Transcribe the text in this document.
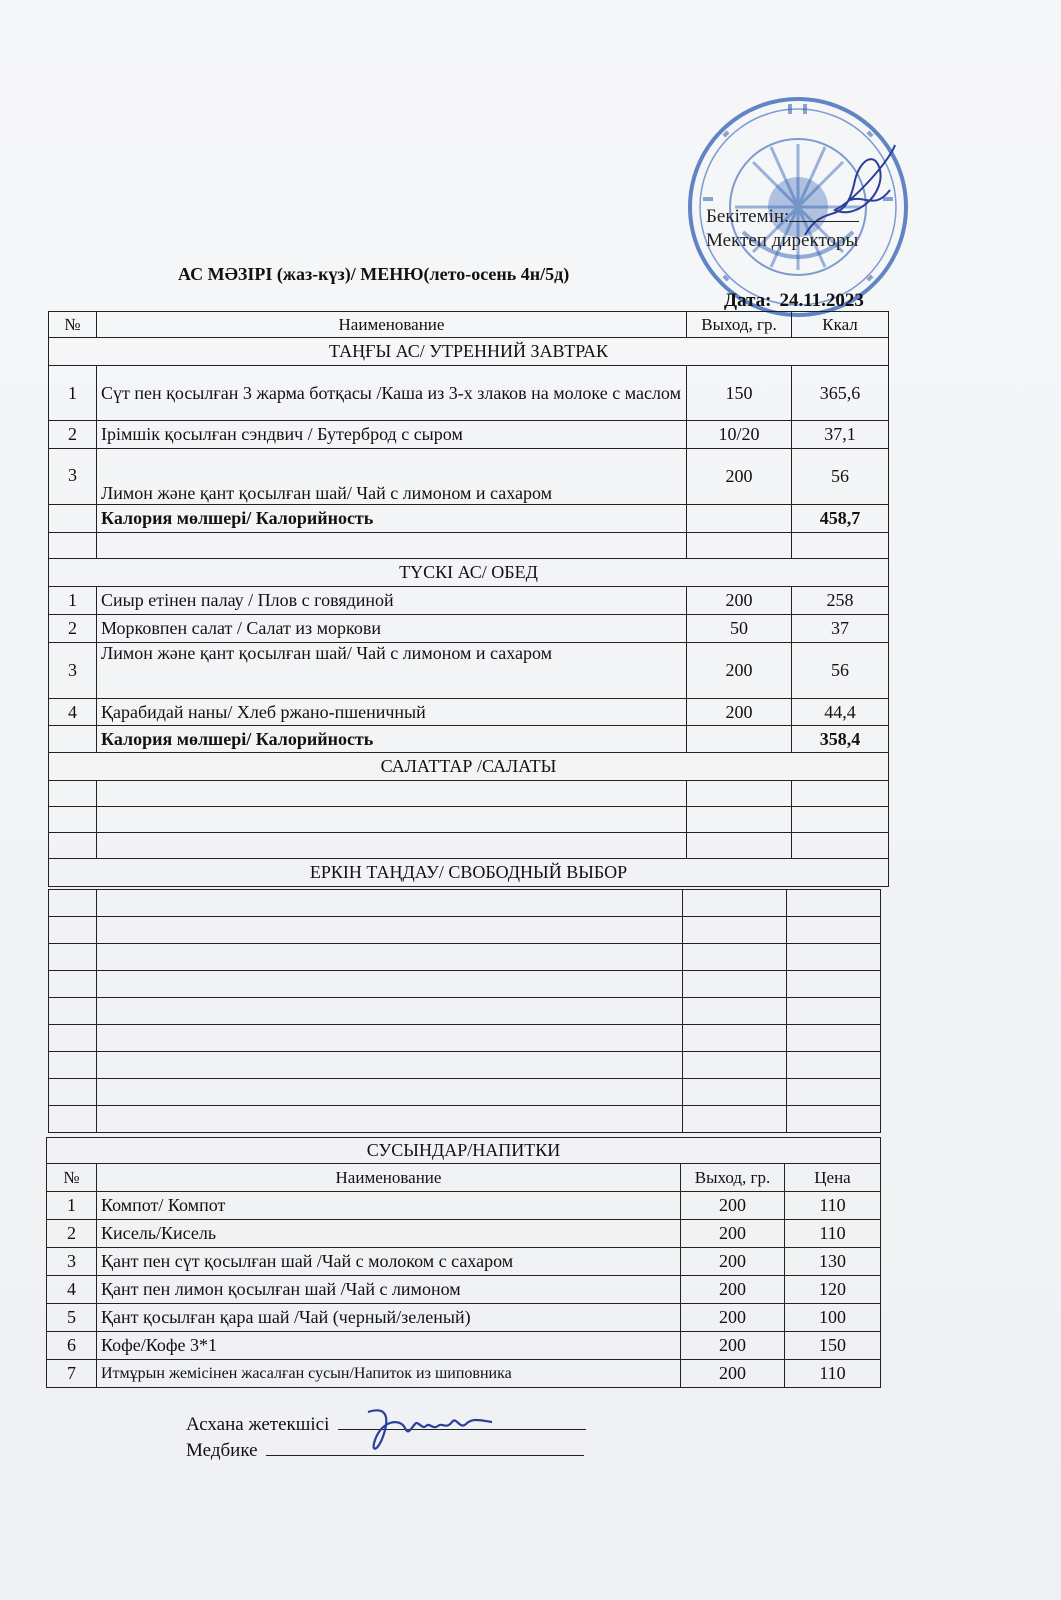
Бекітемін:
Мектеп директоры
АС МӘЗІРІ (жаз-күз)/ МЕНЮ(лето-осень 4н/5д)
Дата: 24.11.2023
№	Наименование	Выход, гр.	Ккал
ТАҢҒЫ АС/ УТРЕННИЙ ЗАВТРАК			
1	Сүт пен қосылған 3 жарма ботқасы /Каша из 3-х злаков на молоке с маслом	150	365,6
2	Ірімшік қосылған сэндвич / Бутерброд с сыром	10/20	37,1
3	Лимон және қант қосылған шай/ Чай с лимоном и сахаром	200	56
	Калория мөлшері/ Калорийность		458,7

ТҮСКІ АС/ ОБЕД			
1	Сиыр етінен палау / Плов с говядиной	200	258
2	Морковпен салат / Салат из моркови	50	37
3	Лимон және қант қосылған шай/ Чай с лимоном и сахаром	200	56
4	Қарабидай наны/ Хлеб ржано-пшеничный	200	44,4
	Калория мөлшері/ Калорийность		358,4
САЛАТТАР /САЛАТЫ			

ЕРКІН ТАҢДАУ/ СВОБОДНЫЙ ВЫБОР			

СУСЫНДАР/НАПИТКИ			
№	Наименование	Выход, гр.	Цена
1	Компот/ Компот	200	110
2	Кисель/Кисель	200	110
3	Қант пен сүт қосылған шай /Чай с молоком с сахаром	200	130
4	Қант пен лимон қосылған шай /Чай с лимоном	200	120
5	Қант қосылған қара шай /Чай (черный/зеленый)	200	100
6	Кофе/Кофе 3*1	200	150
7	Итмұрын жемісінен жасалған сусын/Напиток из шиповника	200	110
Асхана жетекшісі
Медбике
